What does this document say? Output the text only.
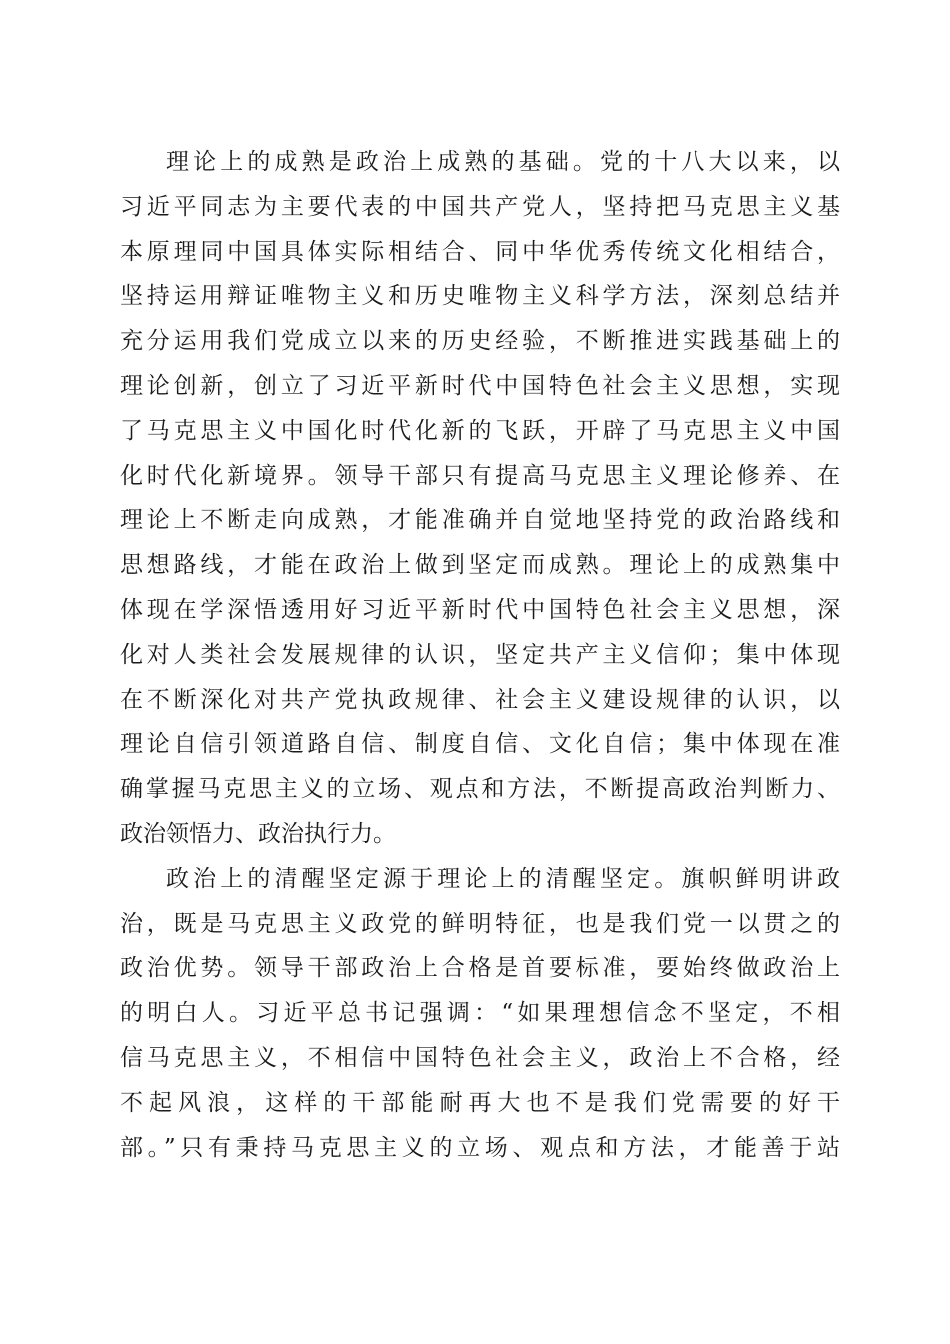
理论上的成熟是政治上成熟的基础。党的十八大以来，以
习近平同志为主要代表的中国共产党人，坚持把马克思主义基
本原理同中国具体实际相结合、同中华优秀传统文化相结合，
坚持运用辩证唯物主义和历史唯物主义科学方法，深刻总结并
充分运用我们党成立以来的历史经验，不断推进实践基础上的
理论创新，创立了习近平新时代中国特色社会主义思想，实现
了马克思主义中国化时代化新的飞跃，开辟了马克思主义中国
化时代化新境界。领导干部只有提高马克思主义理论修养、在
理论上不断走向成熟，才能准确并自觉地坚持党的政治路线和
思想路线，才能在政治上做到坚定而成熟。理论上的成熟集中
体现在学深悟透用好习近平新时代中国特色社会主义思想，深
化对人类社会发展规律的认识，坚定共产主义信仰；集中体现
在不断深化对共产党执政规律、社会主义建设规律的认识，以
理论自信引领道路自信、制度自信、文化自信；集中体现在准
确掌握马克思主义的立场、观点和方法，不断提高政治判断力、
政治领悟力、政治执行力。
政治上的清醒坚定源于理论上的清醒坚定。旗帜鲜明讲政
治，既是马克思主义政党的鲜明特征，也是我们党一以贯之的
政治优势。领导干部政治上合格是首要标准，要始终做政治上
的明白人。习近平总书记强调：“如果理想信念不坚定，不相
信马克思主义，不相信中国特色社会主义，政治上不合格，经
不起风浪，这样的干部能耐再大也不是我们党需要的好干
部。”只有秉持马克思主义的立场、观点和方法，才能善于站
